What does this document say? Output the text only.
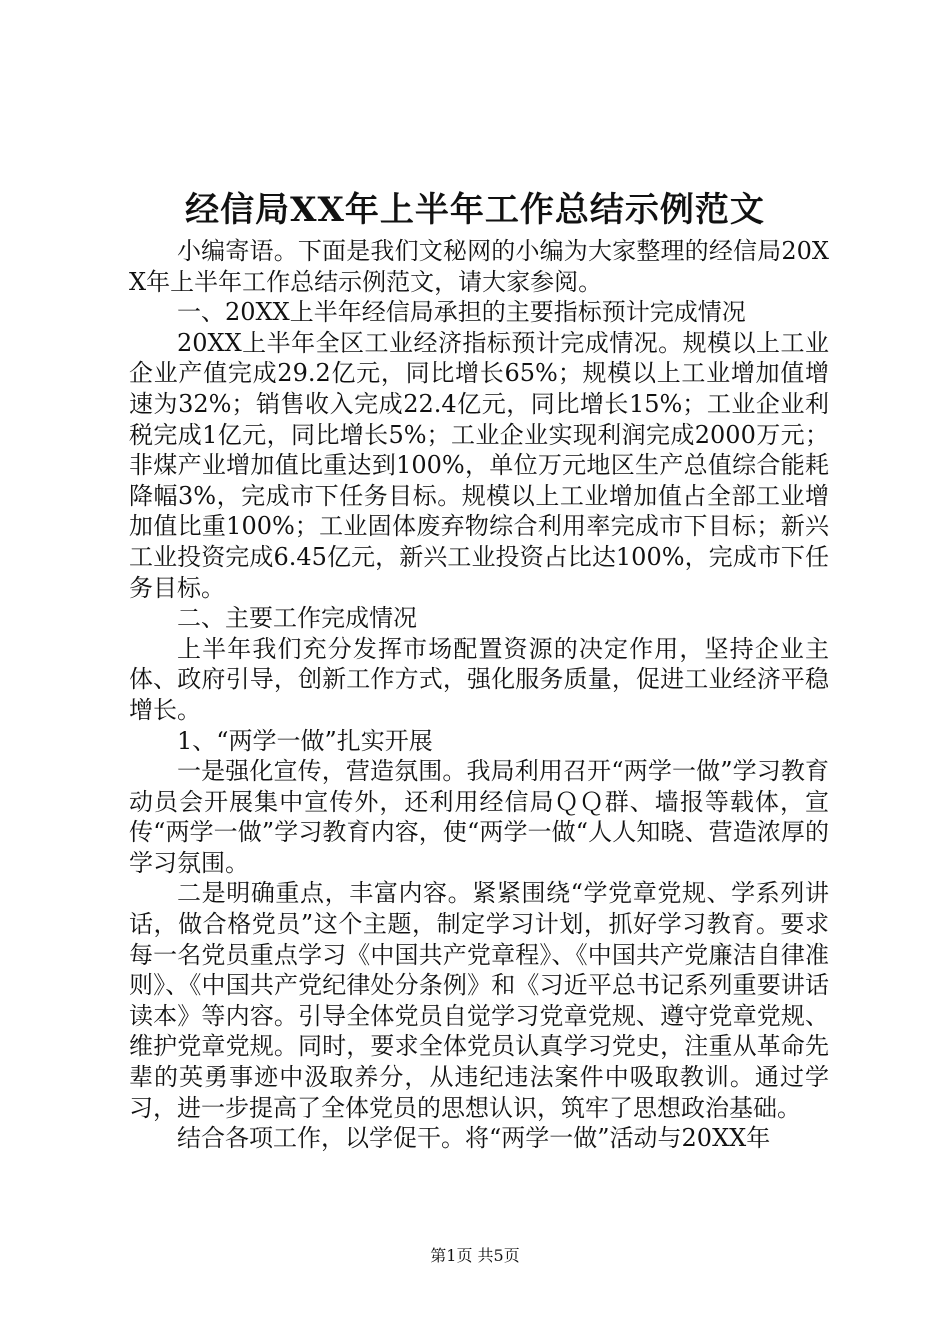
经信局XX年上半年工作总结示例范文

小编寄语。下面是我们文秘网的小编为大家整理的经信局20XX年上半年工作总结示例范文，请大家参阅。

一、20XX上半年经信局承担的主要指标预计完成情况

20XX上半年全区工业经济指标预计完成情况。规模以上工业企业产值完成29.2亿元，同比增长65%；规模以上工业增加值增速为32%；销售收入完成22.4亿元，同比增长15%；工业企业利税完成1亿元，同比增长5%；工业企业实现利润完成2000万元；非煤产业增加值比重达到100%，单位万元地区生产总值综合能耗降幅3%，完成市下任务目标。规模以上工业增加值占全部工业增加值比重100%；工业固体废弃物综合利用率完成市下目标；新兴工业投资完成6.45亿元，新兴工业投资占比达100%，完成市下任务目标。

二、主要工作完成情况

上半年我们充分发挥市场配置资源的决定作用，坚持企业主体、政府引导，创新工作方式，强化服务质量，促进工业经济平稳增长。

1、“两学一做”扎实开展

一是强化宣传，营造氛围。我局利用召开“两学一做”学习教育动员会开展集中宣传外，还利用经信局ＱＱ群、墙报等载体，宣传“两学一做”学习教育内容，使“两学一做“人人知晓、营造浓厚的学习氛围。

二是明确重点，丰富内容。紧紧围绕“学党章党规、学系列讲话，做合格党员”这个主题，制定学习计划，抓好学习教育。要求每一名党员重点学习《中国共产党章程》、《中国共产党廉洁自律准则》、《中国共产党纪律处分条例》和《习近平总书记系列重要讲话读本》等内容。引导全体党员自觉学习党章党规、遵守党章党规、维护党章党规。同时，要求全体党员认真学习党史，注重从革命先辈的英勇事迹中汲取养分，从违纪违法案件中吸取教训。通过学习，进一步提高了全体党员的思想认识，筑牢了思想政治基础。

结合各项工作，以学促干。将“两学一做”活动与20XX年

第1页 共5页
